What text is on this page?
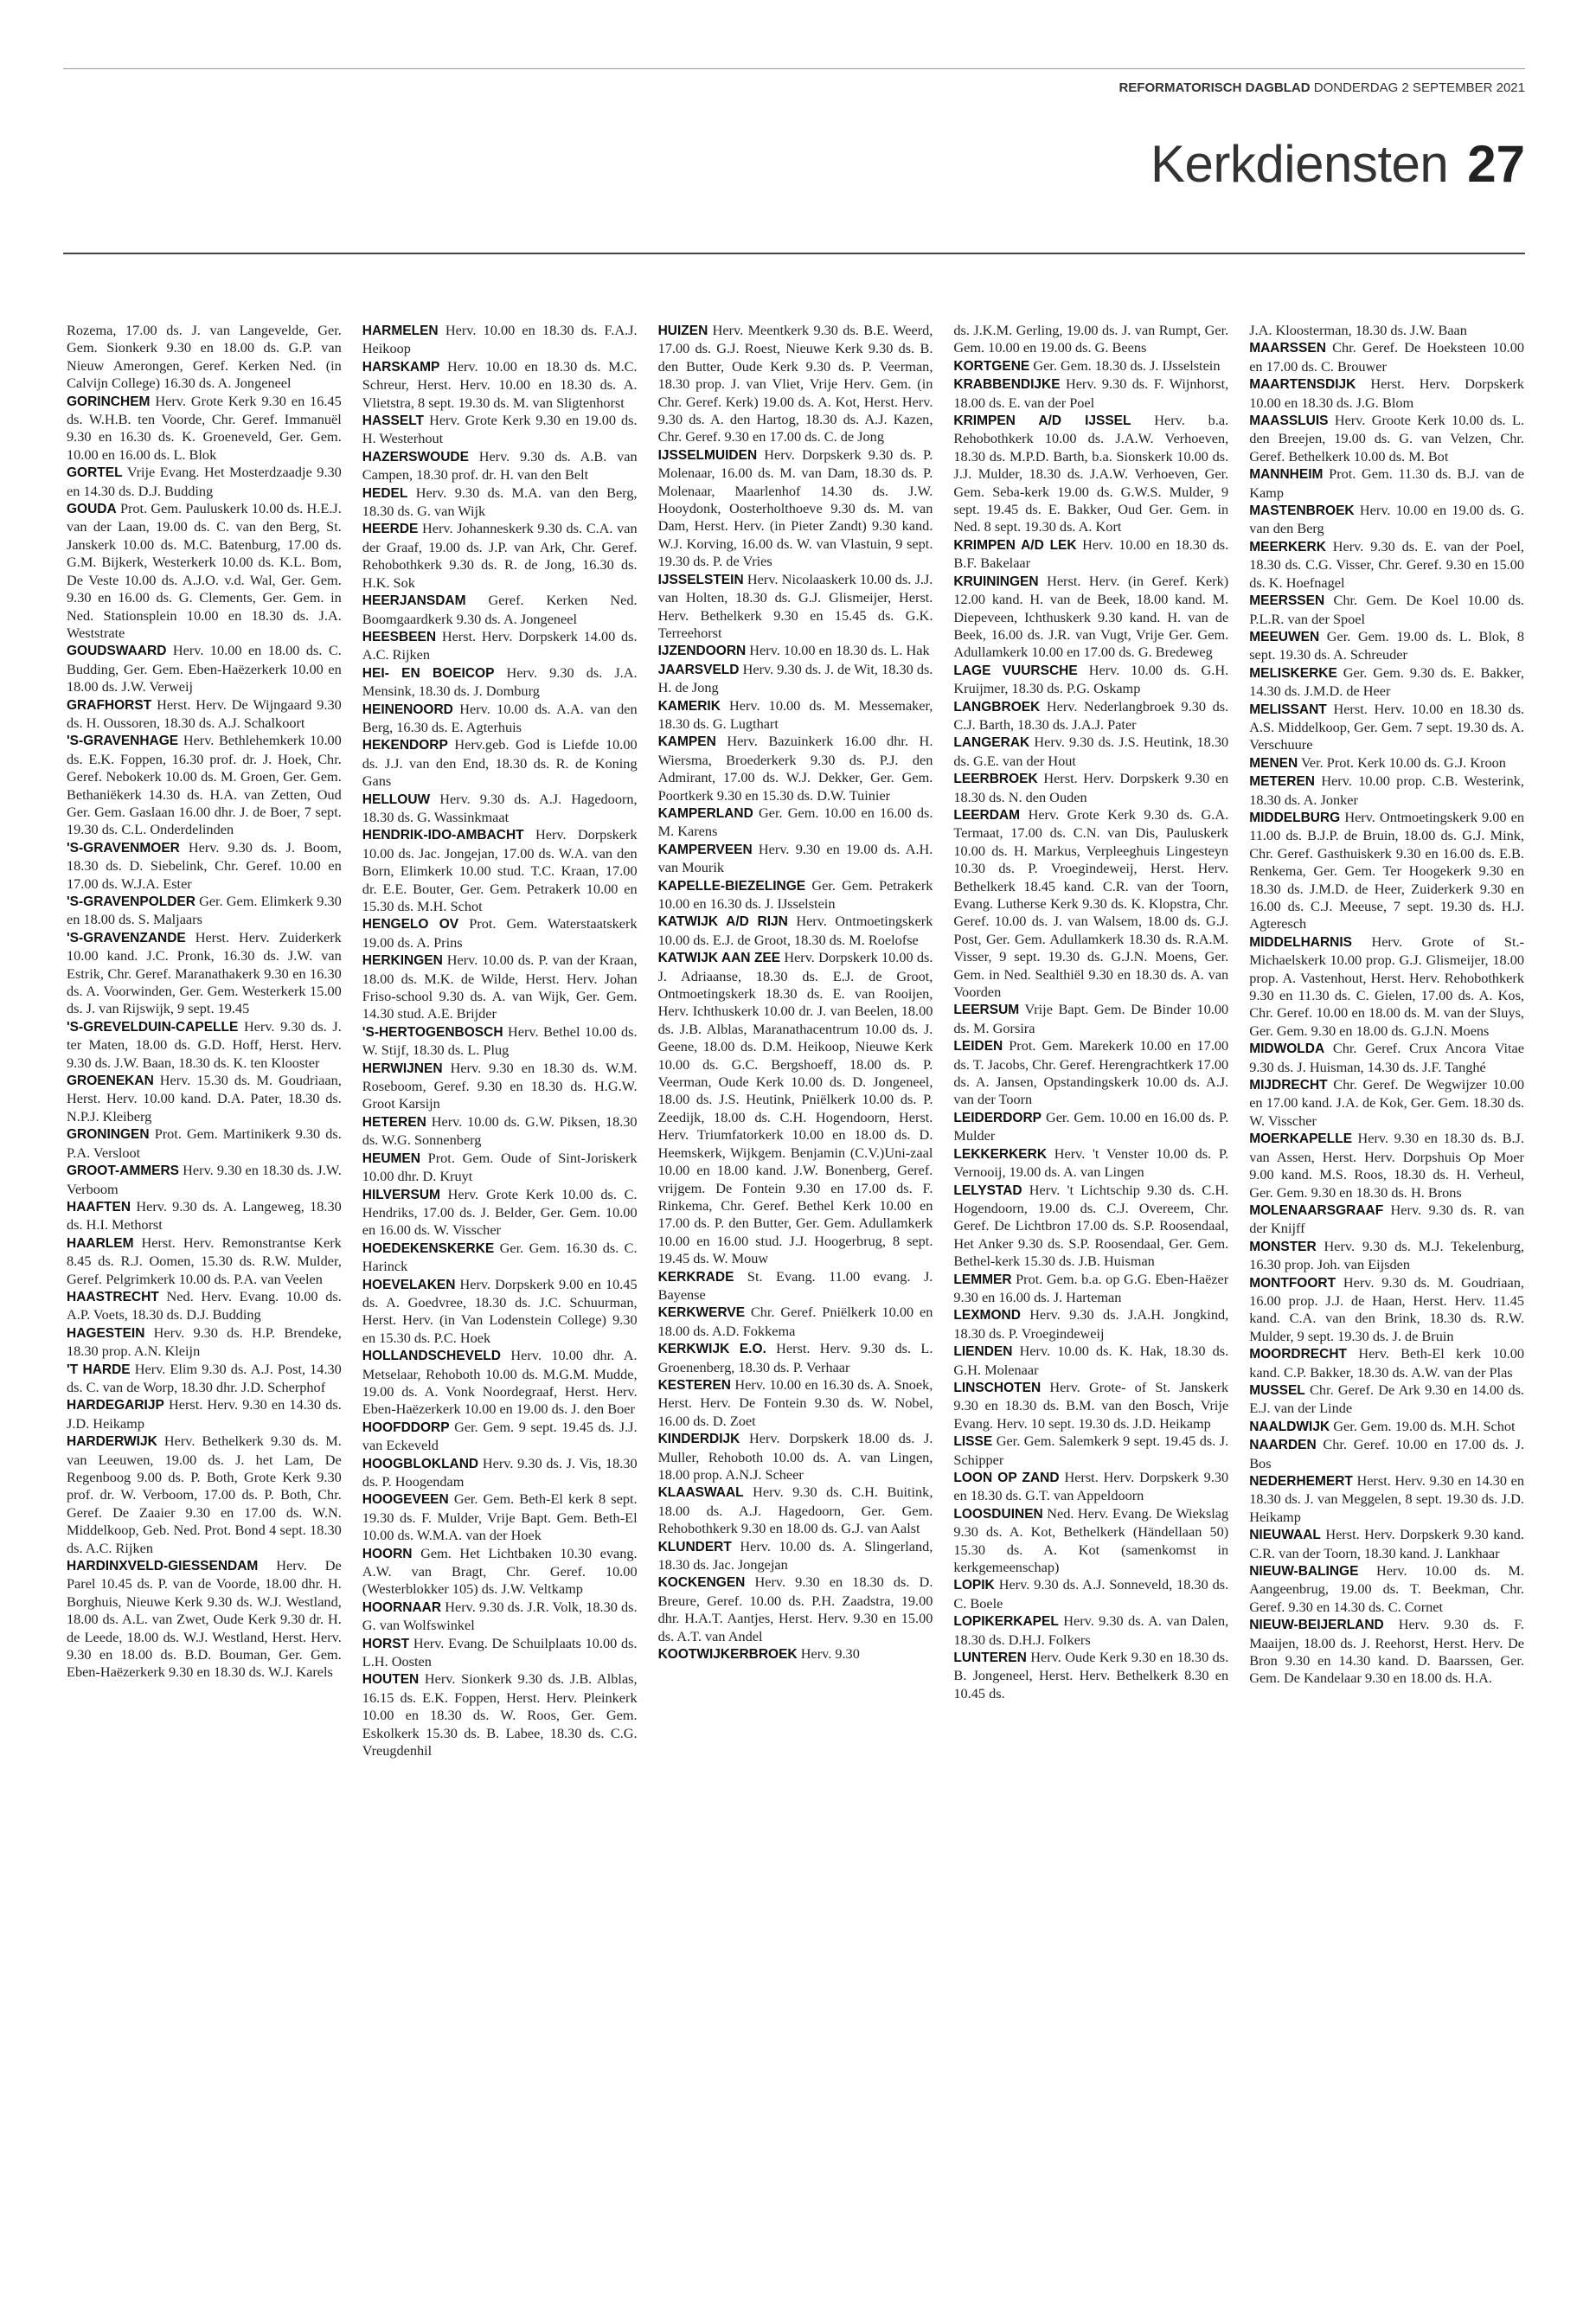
REFORMATORISCH DAGBLAD DONDERDAG 2 SEPTEMBER 2021
Kerkdiensten 27

Rozema, 17.00 ds. J. van Langevelde, Ger. Gem. Sionkerk 9.30 en 18.00 ds. G.P. van Nieuw Amerongen, Geref. Kerken Ned. (in Calvijn College) 16.30 ds. A. Jongeneel

GORINCHEM Herv. Grote Kerk 9.30 en 16.45 ds. W.H.B. ten Voorde, Chr. Geref. Immanuël 9.30 en 16.30 ds. K. Groeneveld, Ger. Gem. 10.00 en 16.00 ds. L. Blok

GORTEL Vrije Evang. Het Mosterdzaadje 9.30 en 14.30 ds. D.J. Budding

GOUDA Prot. Gem. Pauluskerk 10.00 ds. H.E.J. van der Laan, 19.00 ds. C. van den Berg, St. Janskerk 10.00 ds. M.C. Batenburg, 17.00 ds. G.M. Bijkerk, Westerkerk 10.00 ds. K.L. Bom, De Veste 10.00 ds. A.J.O. v.d. Wal, Ger. Gem. 9.30 en 16.00 ds. G. Clements, Ger. Gem. in Ned. Stationsplein 10.00 en 18.30 ds. J.A. Weststrate

GOUDSWAARD Herv. 10.00 en 18.00 ds. C. Budding, Ger. Gem. Eben-Haëzerkerk 10.00 en 18.00 ds. J.W. Verweij

GRAFHORST Herst. Herv. De Wijngaard 9.30 ds. H. Oussoren, 18.30 ds. A.J. Schalkoort

'S-GRAVENHAGE Herv. Bethlehemkerk 10.00 ds. E.K. Foppen, 16.30 prof. dr. J. Hoek, Chr. Geref. Nebokerk 10.00 ds. M. Groen, Ger. Gem. Bethaniëkerk 14.30 ds. H.A. van Zetten, Oud Ger. Gem. Gaslaan 16.00 dhr. J. de Boer, 7 sept. 19.30 ds. C.L. Onderdelinden

'S-GRAVENMOER Herv. 9.30 ds. J. Boom, 18.30 ds. D. Siebelink, Chr. Geref. 10.00 en 17.00 ds. W.J.A. Ester

'S-GRAVENPOLDER Ger. Gem. Elimkerk 9.30 en 18.00 ds. S. Maljaars

'S-GRAVENZANDE Herst. Herv. Zuiderkerk 10.00 kand. J.C. Pronk, 16.30 ds. J.W. van Estrik, Chr. Geref. Maranathakerk 9.30 en 16.30 ds. A. Voorwinden, Ger. Gem. Westerkerk 15.00 ds. J. van Rijswijk, 9 sept. 19.45

'S-GREVELDUIN-CAPELLE Herv. 9.30 ds. J. ter Maten, 18.00 ds. G.D. Hoff, Herst. Herv. 9.30 ds. J.W. Baan, 18.30 ds. K. ten Klooster

GROENEKAN Herv. 15.30 ds. M. Goudriaan, Herst. Herv. 10.00 kand. D.A. Pater, 18.30 ds. N.P.J. Kleiberg

GRONINGEN Prot. Gem. Martinikerk 9.30 ds. P.A. Versloot

GROOT-AMMERS Herv. 9.30 en 18.30 ds. J.W. Verboom

HAAFTEN Herv. 9.30 ds. A. Langeweg, 18.30 ds. H.I. Methorst

HAARLEM Herst. Herv. Remonstrantse Kerk 8.45 ds. R.J. Oomen, 15.30 ds. R.W. Mulder, Geref. Pelgrimkerk 10.00 ds. P.A. van Veelen

HAASTRECHT Ned. Herv. Evang. 10.00 ds. A.P. Voets, 18.30 ds. D.J. Budding

HAGESTEIN Herv. 9.30 ds. H.P. Brendeke, 18.30 prop. A.N. Kleijn

'T HARDE Herv. Elim 9.30 ds. A.J. Post, 14.30 ds. C. van de Worp, 18.30 dhr. J.D. Scherphof

HARDEGARIJP Herst. Herv. 9.30 en 14.30 ds. J.D. Heikamp

HARDERWIJK Herv. Bethelkerk 9.30 ds. M. van Leeuwen, 19.00 ds. J. het Lam, De Regenboog 9.00 ds. P. Both, Grote Kerk 9.30 prof. dr. W. Verboom, 17.00 ds. P. Both, Chr. Geref. De Zaaier 9.30 en 17.00 ds. W.N. Middelkoop, Geb. Ned. Prot. Bond 4 sept. 18.30 ds. A.C. Rijken

HARDINXVELD-GIESSENDAM Herv. De Parel 10.45 ds. P. van de Voorde, 18.00 dhr. H. Borghuis, Nieuwe Kerk 9.30 ds. W.J. Westland, 18.00 ds. A.L. van Zwet, Oude Kerk 9.30 dr. H. de Leede, 18.00 ds. W.J. Westland, Herst. Herv. 9.30 en 18.00 ds. B.D. Bouman, Ger. Gem. Eben-Haëzerkerk 9.30 en 18.30 ds. W.J. Karels

HARMELEN Herv. 10.00 en 18.30 ds. F.A.J. Heikoop

HARSKAMP Herv. 10.00 en 18.30 ds. M.C. Schreur, Herst. Herv. 10.00 en 18.30 ds. A. Vlietstra, 8 sept. 19.30 ds. M. van Sligtenhorst

HASSELT Herv. Grote Kerk 9.30 en 19.00 ds. H. Westerhout

HAZERSWOUDE Herv. 9.30 ds. A.B. van Campen, 18.30 prof. dr. H. van den Belt

HEDEL Herv. 9.30 ds. M.A. van den Berg, 18.30 ds. G. van Wijk

HEERDE Herv. Johanneskerk 9.30 ds. C.A. van der Graaf, 19.00 ds. J.P. van Ark, Chr. Geref. Rehobothkerk 9.30 ds. R. de Jong, 16.30 ds. H.K. Sok

HEERJANSDAM Geref. Kerken Ned. Boomgaardkerk 9.30 ds. A. Jongeneel

HEESBEEN Herst. Herv. Dorpskerk 14.00 ds. A.C. Rijken

HEI- EN BOEICOP Herv. 9.30 ds. J.A. Mensink, 18.30 ds. J. Domburg

HEINENOORD Herv. 10.00 ds. A.A. van den Berg, 16.30 ds. E. Agterhuis

HEKENDORP Herv.geb. God is Liefde 10.00 ds. J.J. van den End, 18.30 ds. R. de Koning Gans

HELLOUW Herv. 9.30 ds. A.J. Hagedoorn, 18.30 ds. G. Wassinkmaat

HENDRIK-IDO-AMBACHT Herv. Dorpskerk 10.00 ds. Jac. Jongejan, 17.00 ds. W.A. van den Born, Elimkerk 10.00 stud. T.C. Kraan, 17.00 dr. E.E. Bouter, Ger. Gem. Petrakerk 10.00 en 15.30 ds. M.H. Schot

HENGELO OV Prot. Gem. Waterstaatskerk 19.00 ds. A. Prins

HERKINGEN Herv. 10.00 ds. P. van der Kraan, 18.00 ds. M.K. de Wilde, Herst. Herv. Johan Friso-school 9.30 ds. A. van Wijk, Ger. Gem. 14.30 stud. A.E. Brijder

'S-HERTOGENBOSCH Herv. Bethel 10.00 ds. W. Stijf, 18.30 ds. L. Plug

HERWIJNEN Herv. 9.30 en 18.30 ds. W.M. Roseboom, Geref. 9.30 en 18.30 ds. H.G.W. Groot Karsijn

HETEREN Herv. 10.00 ds. G.W. Piksen, 18.30 ds. W.G. Sonnenberg

HEUMEN Prot. Gem. Oude of Sint-Joriskerk 10.00 dhr. D. Kruyt

HILVERSUM Herv. Grote Kerk 10.00 ds. C. Hendriks, 17.00 ds. J. Belder, Ger. Gem. 10.00 en 16.00 ds. W. Visscher

HOEDEKENSKERKE Ger. Gem. 16.30 ds. C. Harinck

HOEVELAKEN Herv. Dorpskerk 9.00 en 10.45 ds. A. Goedvree, 18.30 ds. J.C. Schuurman, Herst. Herv. (in Van Lodenstein College) 9.30 en 15.30 ds. P.C. Hoek

HOLLANDSCHEVELD Herv. 10.00 dhr. A. Metselaar, Rehoboth 10.00 ds. M.G.M. Mudde, 19.00 ds. A. Vonk Noordegraaf, Herst. Herv. Eben-Haëzerkerk 10.00 en 19.00 ds. J. den Boer

HOOFDDORP Ger. Gem. 9 sept. 19.45 ds. J.J. van Eckeveld

HOOGBLOKLAND Herv. 9.30 ds. J. Vis, 18.30 ds. P. Hoogendam

HOOGEVEEN Ger. Gem. Beth-El kerk 8 sept. 19.30 ds. F. Mulder, Vrije Bapt. Gem. Beth-El 10.00 ds. W.M.A. van der Hoek

HOORN Gem. Het Lichtbaken 10.30 evang. A.W. van Bragt, Chr. Geref. 10.00 (Westerblokker 105) ds. J.W. Veltkamp

HOORNAAR Herv. 9.30 ds. J.R. Volk, 18.30 ds. G. van Wolfswinkel

HORST Herv. Evang. De Schuilplaats 10.00 ds. L.H. Oosten

HOUTEN Herv. Sionkerk 9.30 ds. J.B. Alblas, 16.15 ds. E.K. Foppen, Herst. Herv. Pleinkerk 10.00 en 18.30 ds. W. Roos, Ger. Gem. Eskolkerk 15.30 ds. B. Labee, 18.30 ds. C.G. Vreugdenhil

HUIZEN Herv. Meentkerk 9.30 ds. B.E. Weerd, 17.00 ds. G.J. Roest, Nieuwe Kerk 9.30 ds. B. den Butter, Oude Kerk 9.30 ds. P. Veerman, 18.30 prop. J. van Vliet, Vrije Herv. Gem. (in Chr. Geref. Kerk) 19.00 ds. A. Kot, Herst. Herv. 9.30 ds. A. den Hartog, 18.30 ds. A.J. Kazen, Chr. Geref. 9.30 en 17.00 ds. C. de Jong

IJSSELMUIDEN Herv. Dorpskerk 9.30 ds. P. Molenaar, 16.00 ds. M. van Dam, 18.30 ds. P. Molenaar, Maarlenhof 14.30 ds. J.W. Hooydonk, Oosterholthoeve 9.30 ds. M. van Dam, Herst. Herv. (in Pieter Zandt) 9.30 kand. W.J. Korving, 16.00 ds. W. van Vlastuin, 9 sept. 19.30 ds. P. de Vries

IJSSELSTEIN Herv. Nicolaaskerk 10.00 ds. J.J. van Holten, 18.30 ds. G.J. Glismeijer, Herst. Herv. Bethelkerk 9.30 en 15.45 ds. G.K. Terreehorst

IJZENDOORN Herv. 10.00 en 18.30 ds. L. Hak

JAARSVELD Herv. 9.30 ds. J. de Wit, 18.30 ds. H. de Jong

KAMERIK Herv. 10.00 ds. M. Messemaker, 18.30 ds. G. Lugthart

KAMPEN Herv. Bazuinkerk 16.00 dhr. H. Wiersma, Broederkerk 9.30 ds. P.J. den Admirant, 17.00 ds. W.J. Dekker, Ger. Gem. Poortkerk 9.30 en 15.30 ds. D.W. Tuinier

KAMPERLAND Ger. Gem. 10.00 en 16.00 ds. M. Karens

KAMPERVEEN Herv. 9.30 en 19.00 ds. A.H. van Mourik

KAPELLE-BIEZELINGE Ger. Gem. Petrakerk 10.00 en 16.30 ds. J. IJsselstein

KATWIJK A/D RIJN Herv. Ontmoetingskerk 10.00 ds. E.J. de Groot, 18.30 ds. M. Roelofse

KATWIJK AAN ZEE Herv. Dorpskerk 10.00 ds. J. Adriaanse, 18.30 ds. E.J. de Groot, Ontmoetingskerk 18.30 ds. E. van Rooijen, Herv. Ichthuskerk 10.00 dr. J. van Beelen, 18.00 ds. J.B. Alblas, Maranathacentrum 10.00 ds. J. Geene, 18.00 ds. D.M. Heikoop, Nieuwe Kerk 10.00 ds. G.C. Bergshoeff, 18.00 ds. P. Veerman, Oude Kerk 10.00 ds. D. Jongeneel, 18.00 ds. J.S. Heutink, Pniëlkerk 10.00 ds. P. Zeedijk, 18.00 ds. C.H. Hogendoorn, Herst. Herv. Triumfatorkerk 10.00 en 18.00 ds. D. Heemskerk, Wijkgem. Benjamin (C.V.)Uni-zaal 10.00 en 18.00 kand. J.W. Bonenberg, Geref. vrijgem. De Fontein 9.30 en 17.00 ds. F. Rinkema, Chr. Geref. Bethel Kerk 10.00 en 17.00 ds. P. den Butter, Ger. Gem. Adullamkerk 10.00 en 16.00 stud. J.J. Hoogerbrug, 8 sept. 19.45 ds. W. Mouw

KERKRADE St. Evang. 11.00 evang. J. Bayense

KERKWERVE Chr. Geref. Pniëlkerk 10.00 en 18.00 ds. A.D. Fokkema

KERKWIJK E.O. Herst. Herv. 9.30 ds. L. Groenenberg, 18.30 ds. P. Verhaar

KESTEREN Herv. 10.00 en 16.30 ds. A. Snoek, Herst. Herv. De Fontein 9.30 ds. W. Nobel, 16.00 ds. D. Zoet

KINDERDIJK Herv. Dorpskerk 18.00 ds. J. Muller, Rehoboth 10.00 ds. A. van Lingen, 18.00 prop. A.N.J. Scheer

KLAASWAAL Herv. 9.30 ds. C.H. Buitink, 18.00 ds. A.J. Hagedoorn, Ger. Gem. Rehobothkerk 9.30 en 18.00 ds. G.J. van Aalst

KLUNDERT Herv. 10.00 ds. A. Slingerland, 18.30 ds. Jac. Jongejan

KOCKENGEN Herv. 9.30 en 18.30 ds. D. Breure, Geref. 10.00 ds. P.H. Zaadstra, 19.00 dhr. H.A.T. Aantjes, Herst. Herv. 9.30 en 15.00 ds. A.T. van Andel

KOOTWIJKERBROEK Herv. 9.30

ds. J.K.M. Gerling, 19.00 ds. J. van Rumpt, Ger. Gem. 10.00 en 19.00 ds. G. Beens

KORTGENE Ger. Gem. 18.30 ds. J. IJsselstein

KRABBENDIJKE Herv. 9.30 ds. F. Wijnhorst, 18.00 ds. E. van der Poel

KRIMPEN A/D IJSSEL Herv. b.a. Rehobothkerk 10.00 ds. J.A.W. Verhoeven, 18.30 ds. M.P.D. Barth, b.a. Sionskerk 10.00 ds. J.J. Mulder, 18.30 ds. J.A.W. Verhoeven, Ger. Gem. Seba-kerk 19.00 ds. G.W.S. Mulder, 9 sept. 19.45 ds. E. Bakker, Oud Ger. Gem. in Ned. 8 sept. 19.30 ds. A. Kort

KRIMPEN A/D LEK Herv. 10.00 en 18.30 ds. B.F. Bakelaar

KRUININGEN Herst. Herv. (in Geref. Kerk) 12.00 kand. H. van de Beek, 18.00 kand. M. Diepeveen, Ichthuskerk 9.30 kand. H. van de Beek, 16.00 ds. J.R. van Vugt, Vrije Ger. Gem. Adullamkerk 10.00 en 17.00 ds. G. Bredeweg

LAGE VUURSCHE Herv. 10.00 ds. G.H. Kruijmer, 18.30 ds. P.G. Oskamp

LANGBROEK Herv. Nederlangbroek 9.30 ds. C.J. Barth, 18.30 ds. J.A.J. Pater

LANGERAK Herv. 9.30 ds. J.S. Heutink, 18.30 ds. G.E. van der Hout

LEERBROEK Herst. Herv. Dorpskerk 9.30 en 18.30 ds. N. den Ouden

LEERDAM Herv. Grote Kerk 9.30 ds. G.A. Termaat, 17.00 ds. C.N. van Dis, Pauluskerk 10.00 ds. H. Markus, Verpleeghuis Lingesteyn 10.30 ds. P. Vroegindeweij, Herst. Herv. Bethelkerk 18.45 kand. C.R. van der Toorn, Evang. Lutherse Kerk 9.30 ds. K. Klopstra, Chr. Geref. 10.00 ds. J. van Walsem, 18.00 ds. G.J. Post, Ger. Gem. Adullamkerk 18.30 ds. R.A.M. Visser, 9 sept. 19.30 ds. G.J.N. Moens, Ger. Gem. in Ned. Sealthiël 9.30 en 18.30 ds. A. van Voorden

LEERSUM Vrije Bapt. Gem. De Binder 10.00 ds. M. Gorsira

LEIDEN Prot. Gem. Marekerk 10.00 en 17.00 ds. T. Jacobs, Chr. Geref. Herengrachtkerk 17.00 ds. A. Jansen, Opstandingskerk 10.00 ds. A.J. van der Toorn

LEIDERDORP Ger. Gem. 10.00 en 16.00 ds. P. Mulder

LEKKERKERK Herv. 't Venster 10.00 ds. P. Vernooij, 19.00 ds. A. van Lingen

LELYSTAD Herv. 't Lichtschip 9.30 ds. C.H. Hogendoorn, 19.00 ds. C.J. Overeem, Chr. Geref. De Lichtbron 17.00 ds. S.P. Roosendaal, Het Anker 9.30 ds. S.P. Roosendaal, Ger. Gem. Bethel-kerk 15.30 ds. J.B. Huisman

LEMMER Prot. Gem. b.a. op G.G. Eben-Haëzer 9.30 en 16.00 ds. J. Harteman

LEXMOND Herv. 9.30 ds. J.A.H. Jongkind, 18.30 ds. P. Vroegindeweij

LIENDEN Herv. 10.00 ds. K. Hak, 18.30 ds. G.H. Molenaar

LINSCHOTEN Herv. Grote- of St. Janskerk 9.30 en 18.30 ds. B.M. van den Bosch, Vrije Evang. Herv. 10 sept. 19.30 ds. J.D. Heikamp

LISSE Ger. Gem. Salemkerk 9 sept. 19.45 ds. J. Schipper

LOON OP ZAND Herst. Herv. Dorpskerk 9.30 en 18.30 ds. G.T. van Appeldoorn

LOOSDUINEN Ned. Herv. Evang. De Wiekslag 9.30 ds. A. Kot, Bethelkerk (Händellaan 50) 15.30 ds. A. Kot (samenkomst in kerkgemeenschap)

LOPIK Herv. 9.30 ds. A.J. Sonneveld, 18.30 ds. C. Boele

LOPIKERKAPEL Herv. 9.30 ds. A. van Dalen, 18.30 ds. D.H.J. Folkers

LUNTEREN Herv. Oude Kerk 9.30 en 18.30 ds. B. Jongeneel, Herst. Herv. Bethelkerk 8.30 en 10.45 ds.

J.A. Kloosterman, 18.30 ds. J.W. Baan

MAARSSEN Chr. Geref. De Hoeksteen 10.00 en 17.00 ds. C. Brouwer

MAARTENSDIJK Herst. Herv. Dorpskerk 10.00 en 18.30 ds. J.G. Blom

MAASSLUIS Herv. Groote Kerk 10.00 ds. L. den Breejen, 19.00 ds. G. van Velzen, Chr. Geref. Bethelkerk 10.00 ds. M. Bot

MANNHEIM Prot. Gem. 11.30 ds. B.J. van de Kamp

MASTENBROEK Herv. 10.00 en 19.00 ds. G. van den Berg

MEERKERK Herv. 9.30 ds. E. van der Poel, 18.30 ds. C.G. Visser, Chr. Geref. 9.30 en 15.00 ds. K. Hoefnagel

MEERSSEN Chr. Gem. De Koel 10.00 ds. P.L.R. van der Spoel

MEEUWEN Ger. Gem. 19.00 ds. L. Blok, 8 sept. 19.30 ds. A. Schreuder

MELISKERKE Ger. Gem. 9.30 ds. E. Bakker, 14.30 ds. J.M.D. de Heer

MELISSANT Herst. Herv. 10.00 en 18.30 ds. A.S. Middelkoop, Ger. Gem. 7 sept. 19.30 ds. A. Verschuure

MENEN Ver. Prot. Kerk 10.00 ds. G.J. Kroon

METEREN Herv. 10.00 prop. C.B. Westerink, 18.30 ds. A. Jonker

MIDDELBURG Herv. Ontmoetingskerk 9.00 en 11.00 ds. B.J.P. de Bruin, 18.00 ds. G.J. Mink, Chr. Geref. Gasthuiskerk 9.30 en 16.00 ds. E.B. Renkema, Ger. Gem. Ter Hoogekerk 9.30 en 18.30 ds. J.M.D. de Heer, Zuiderkerk 9.30 en 16.00 ds. C.J. Meeuse, 7 sept. 19.30 ds. H.J. Agteresch

MIDDELHARNIS Herv. Grote of St.-Michaelskerk 10.00 prop. G.J. Glismeijer, 18.00 prop. A. Vastenhout, Herst. Herv. Rehobothkerk 9.30 en 11.30 ds. C. Gielen, 17.00 ds. A. Kos, Chr. Geref. 10.00 en 18.00 ds. M. van der Sluys, Ger. Gem. 9.30 en 18.00 ds. G.J.N. Moens

MIDWOLDA Chr. Geref. Crux Ancora Vitae 9.30 ds. J. Huisman, 14.30 ds. J.F. Tanghé

MIJDRECHT Chr. Geref. De Wegwijzer 10.00 en 17.00 kand. J.A. de Kok, Ger. Gem. 18.30 ds. W. Visscher

MOERKAPELLE Herv. 9.30 en 18.30 ds. B.J. van Assen, Herst. Herv. Dorpshuis Op Moer 9.00 kand. M.S. Roos, 18.30 ds. H. Verheul, Ger. Gem. 9.30 en 18.30 ds. H. Brons

MOLENAARSGRAAF Herv. 9.30 ds. R. van der Knijff

MONSTER Herv. 9.30 ds. M.J. Tekelenburg, 16.30 prop. Joh. van Eijsden

MONTFOORT Herv. 9.30 ds. M. Goudriaan, 16.00 prop. J.J. de Haan, Herst. Herv. 11.45 kand. C.A. van den Brink, 18.30 ds. R.W. Mulder, 9 sept. 19.30 ds. J. de Bruin

MOORDRECHT Herv. Beth-El kerk 10.00 kand. C.P. Bakker, 18.30 ds. A.W. van der Plas

MUSSEL Chr. Geref. De Ark 9.30 en 14.00 ds. E.J. van der Linde

NAALDWIJK Ger. Gem. 19.00 ds. M.H. Schot

NAARDEN Chr. Geref. 10.00 en 17.00 ds. J. Bos

NEDERHEMERT Herst. Herv. 9.30 en 14.30 en 18.30 ds. J. van Meggelen, 8 sept. 19.30 ds. J.D. Heikamp

NIEUWAAL Herst. Herv. Dorpskerk 9.30 kand. C.R. van der Toorn, 18.30 kand. J. Lankhaar

NIEUW-BALINGE Herv. 10.00 ds. M. Aangeenbrug, 19.00 ds. T. Beekman, Chr. Geref. 9.30 en 14.30 ds. C. Cornet

NIEUW-BEIJERLAND Herv. 9.30 ds. F. Maaijen, 18.00 ds. J. Reehorst, Herst. Herv. De Bron 9.30 en 14.30 kand. D. Baarssen, Ger. Gem. De Kandelaar 9.30 en 18.00 ds. H.A.
